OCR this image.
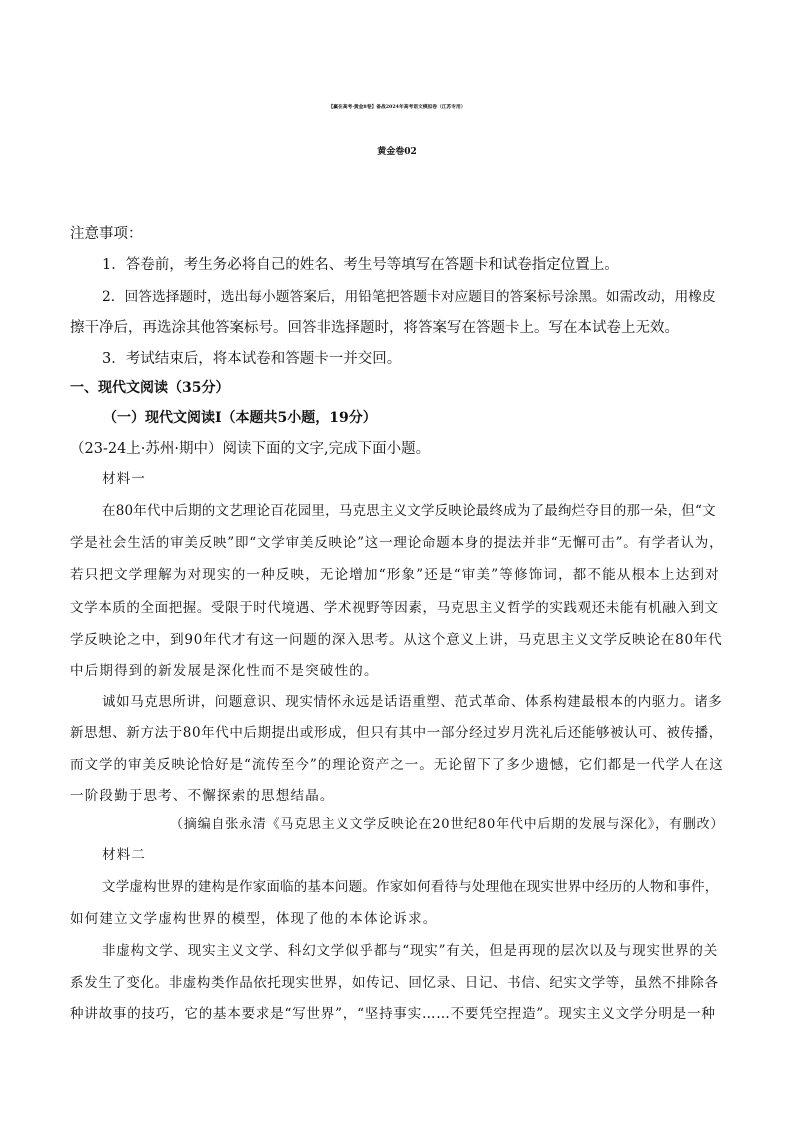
【赢在高考·黄金8卷】备战2024年高考语文模拟卷（江苏专用）
黄金卷02
注意事项：
1．答卷前，考生务必将自己的姓名、考生号等填写在答题卡和试卷指定位置上。
2．回答选择题时，选出每小题答案后，用铅笔把答题卡对应题目的答案标号涂黑。如需改动，用橡皮
擦干净后，再选涂其他答案标号。回答非选择题时，将答案写在答题卡上。写在本试卷上无效。
3．考试结束后，将本试卷和答题卡一并交回。
一、现代文阅读（35分）
（一）现代文阅读Ⅰ（本题共5小题，19分）
（23-24上·苏州·期中）阅读下面的文字,完成下面小题。
材料一
在80年代中后期的文艺理论百花园里，马克思主义文学反映论最终成为了最绚烂夺目的那一朵，但“文
学是社会生活的审美反映”即“文学审美反映论”这一理论命题本身的提法并非“无懈可击”。有学者认为，
若只把文学理解为对现实的一种反映，无论增加“形象”还是“审美”等修饰词，都不能从根本上达到对
文学本质的全面把握。受限于时代境遇、学术视野等因素，马克思主义哲学的实践观还未能有机融入到文
学反映论之中，到90年代才有这一问题的深入思考。从这个意义上讲，马克思主义文学反映论在80年代
中后期得到的新发展是深化性而不是突破性的。
诚如马克思所讲，问题意识、现实情怀永远是话语重塑、范式革命、体系构建最根本的内驱力。诸多
新思想、新方法于80年代中后期提出或形成，但只有其中一部分经过岁月洗礼后还能够被认可、被传播，
而文学的审美反映论恰好是“流传至今”的理论资产之一。无论留下了多少遗憾，它们都是一代学人在这
一阶段勤于思考、不懈探索的思想结晶。
（摘编自张永清《马克思主义文学反映论在20世纪80年代中后期的发展与深化》，有删改）
材料二
文学虚构世界的建构是作家面临的基本问题。作家如何看待与处理他在现实世界中经历的人物和事件，
如何建立文学虚构世界的模型，体现了他的本体论诉求。
非虚构文学、现实主义文学、科幻文学似乎都与“现实”有关，但是再现的层次以及与现实世界的关
系发生了变化。非虚构类作品依托现实世界，如传记、回忆录、日记、书信、纪实文学等，虽然不排除各
种讲故事的技巧，它的基本要求是“写世界”，“坚持事实……不要凭空捏造”。现实主义文学分明是一种
